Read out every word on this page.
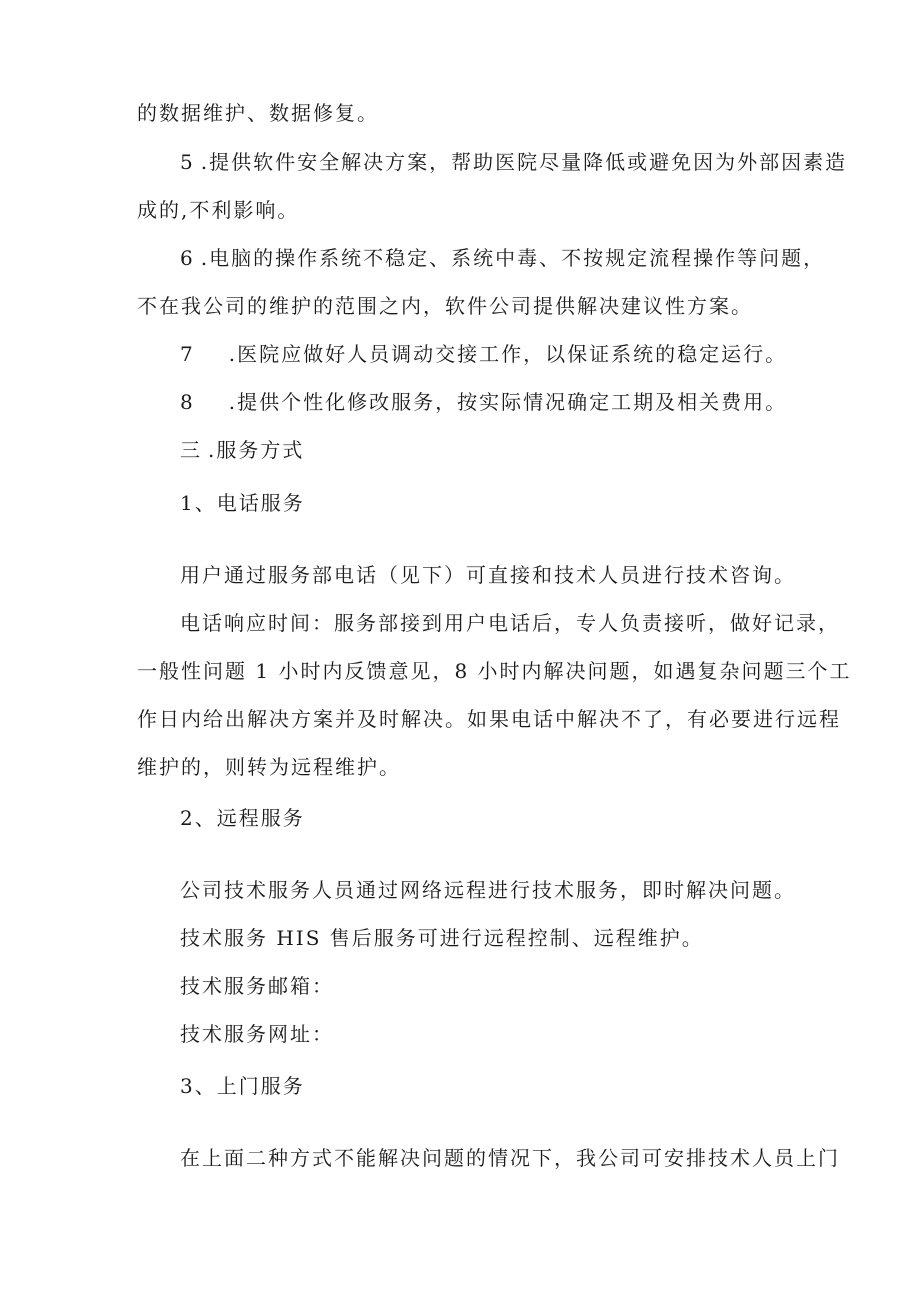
的数据维护、数据修复。
5 .提供软件安全解决方案，帮助医院尽量降低或避免因为外部因素造
成的,不利影响。
6 .电脑的操作系统不稳定、系统中毒、不按规定流程操作等问题，
不在我公司的维护的范围之内，软件公司提供解决建议性方案。
7 .医院应做好人员调动交接工作，以保证系统的稳定运行。
8 .提供个性化修改服务，按实际情况确定工期及相关费用。
三 .服务方式
1、电话服务
用户通过服务部电话（见下）可直接和技术人员进行技术咨询。
电话响应时间：服务部接到用户电话后，专人负责接听，做好记录，
一般性问题 1 小时内反馈意见，8 小时内解决问题，如遇复杂问题三个工
作日内给出解决方案并及时解决。如果电话中解决不了，有必要进行远程
维护的，则转为远程维护。
2、远程服务
公司技术服务人员通过网络远程进行技术服务，即时解决问题。
技术服务 HIS 售后服务可进行远程控制、远程维护。
技术服务邮箱：
技术服务网址：
3、上门服务
在上面二种方式不能解决问题的情况下，我公司可安排技术人员上门
